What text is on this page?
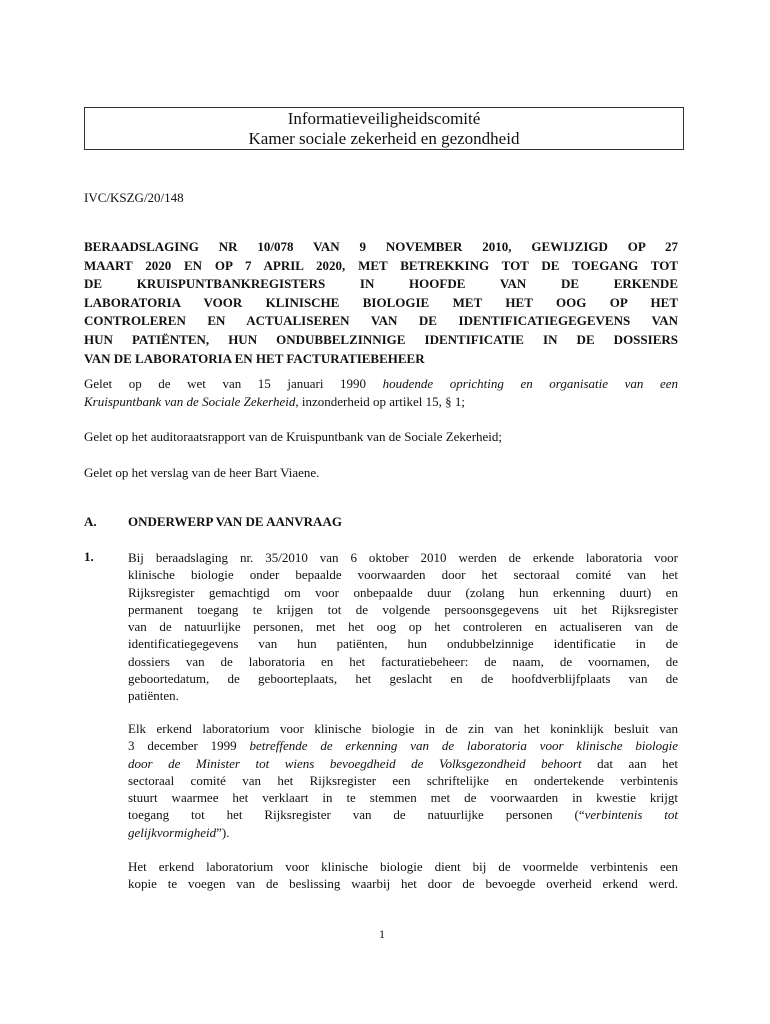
Informatieveiligheidscomité
Kamer sociale zekerheid en gezondheid
IVC/KSZG/20/148
BERAADSLAGING NR 10/078 VAN 9 NOVEMBER 2010, GEWIJZIGD OP 27
MAART 2020 EN OP 7 APRIL 2020, MET BETREKKING TOT DE TOEGANG TOT
DE KRUISPUNTBANKREGISTERS IN HOOFDE VAN DE ERKENDE
LABORATORIA VOOR KLINISCHE BIOLOGIE MET HET OOG OP HET
CONTROLEREN EN ACTUALISEREN VAN DE IDENTIFICATIEGEGEVENS VAN
HUN PATIËNTEN, HUN ONDUBBELZINNIGE IDENTIFICATIE IN DE DOSSIERS
VAN DE LABORATORIA EN HET FACTURATIEBEHEER
Gelet op de wet van 15 januari 1990 houdende oprichting en organisatie van een
Kruispuntbank van de Sociale Zekerheid, inzonderheid op artikel 15, § 1;
Gelet op het auditoraatsrapport van de Kruispuntbank van de Sociale Zekerheid;
Gelet op het verslag van de heer Bart Viaene.
A. ONDERWERP VAN DE AANVRAAG
1.	Bij beraadslaging nr. 35/2010 van 6 oktober 2010 werden de erkende laboratoria voor
klinische biologie onder bepaalde voorwaarden door het sectoraal comité van het
Rijksregister gemachtigd om voor onbepaalde duur (zolang hun erkenning duurt) en
permanent toegang te krijgen tot de volgende persoonsgegevens uit het Rijksregister
van de natuurlijke personen, met het oog op het controleren en actualiseren van de
identificatiegegevens van hun patiënten, hun ondubbelzinnige identificatie in de
dossiers van de laboratoria en het facturatiebeheer: de naam, de voornamen, de
geboortedatum, de geboorteplaats, het geslacht en de hoofdverblijfplaats van de
patiënten.
Elk erkend laboratorium voor klinische biologie in de zin van het koninklijk besluit van
3 december 1999 betreffende de erkenning van de laboratoria voor klinische biologie
door de Minister tot wiens bevoegdheid de Volksgezondheid behoort dat aan het
sectoraal comité van het Rijksregister een schriftelijke en ondertekende verbintenis
stuurt waarmee het verklaart in te stemmen met de voorwaarden in kwestie krijgt
toegang tot het Rijksregister van de natuurlijke personen (“verbintenis tot
gelijkvormigheid”).
Het erkend laboratorium voor klinische biologie dient bij de voormelde verbintenis een
kopie te voegen van de beslissing waarbij het door de bevoegde overheid erkend werd.
1
